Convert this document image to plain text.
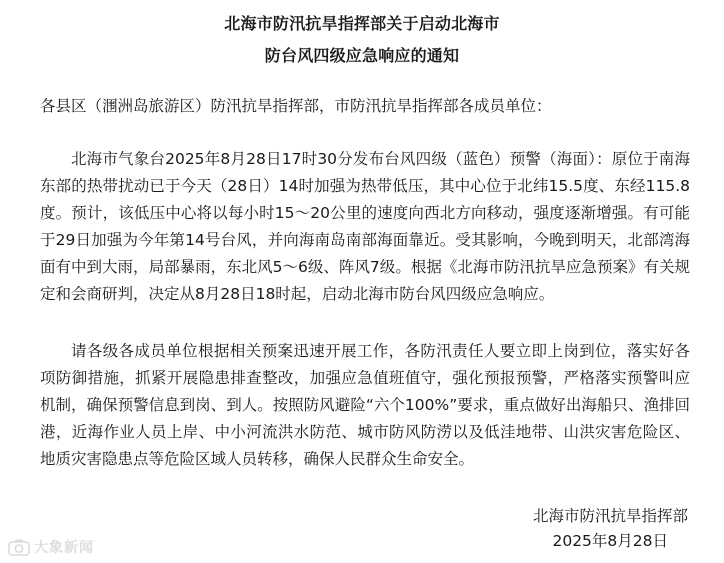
北海市防汛抗旱指挥部关于启动北海市
防台风四级应急响应的通知
各县区（涠洲岛旅游区）防汛抗旱指挥部，市防汛抗旱指挥部各成员单位：

北海市气象台2025年8月28日17时30分发布台风四级（蓝色）预警（海面）：原位于南海东部的热带扰动已于今天（28日）14时加强为热带低压，其中心位于北纬15.5度、东经115.8度。预计，该低压中心将以每小时15～20公里的速度向西北方向移动，强度逐渐增强。有可能于29日加强为今年第14号台风，并向海南岛南部海面靠近。受其影响，今晚到明天，北部湾海面有中到大雨，局部暴雨，东北风5～6级、阵风7级。根据《北海市防汛抗旱应急预案》有关规定和会商研判，决定从8月28日18时起，启动北海市防台风四级应急响应。

请各级各成员单位根据相关预案迅速开展工作，各防汛责任人要立即上岗到位，落实好各项防御措施，抓紧开展隐患排查整改，加强应急值班值守，强化预报预警，严格落实预警叫应机制，确保预警信息到岗、到人。按照防风避险“六个100%”要求，重点做好出海船只、渔排回港，近海作业人员上岸、中小河流洪水防范、城市防风防涝以及低洼地带、山洪灾害危险区、地质灾害隐患点等危险区域人员转移，确保人民群众生命安全。

北海市防汛抗旱指挥部
2025年8月28日
大象新闻
